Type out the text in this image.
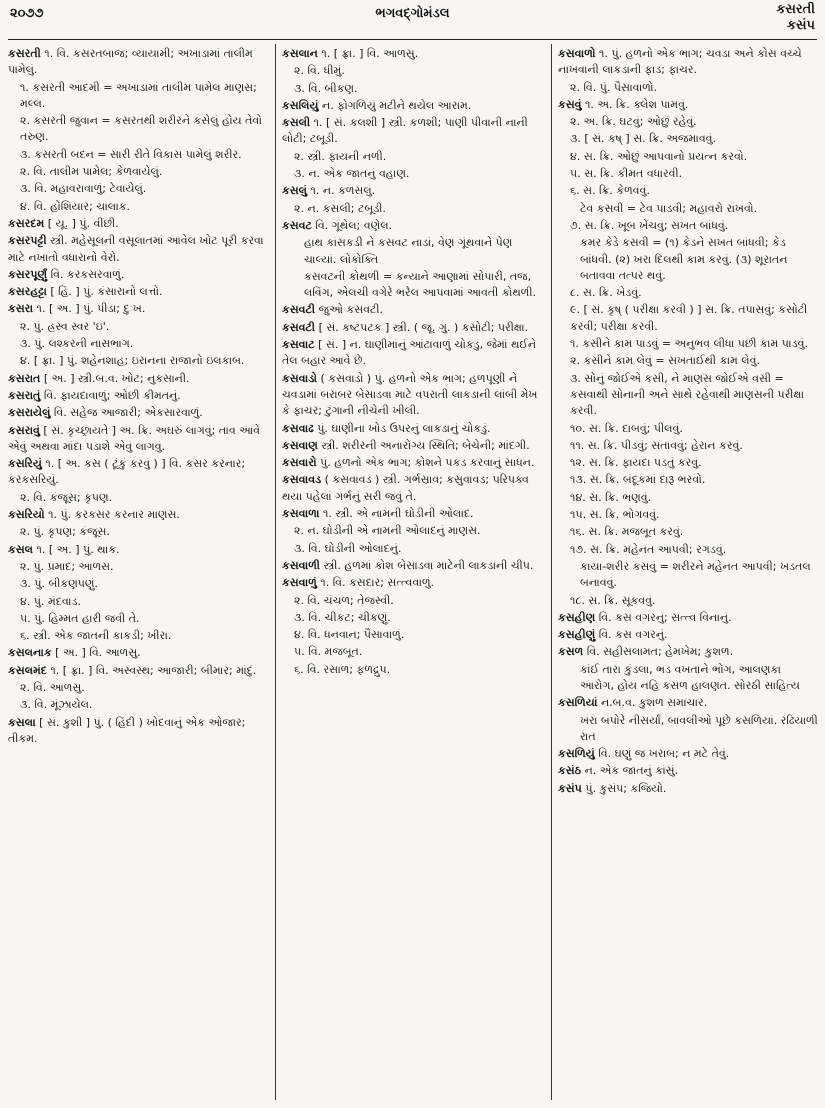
૨૦૭૭	ભગવદ્ગોમંડલ	કસરતી
કસંપ
કસરતી ૧. વિ. કસરતબાજ; વ્યાયામી; અખાડામાં તાલીમ પામેલું.
૧. કસરતી આદમી = અખાડામાં તાલીમ પામેલ માણસ; મલ્લ.
૨. કસરતી જુવાન = કસરતથી શરીરને કસેલું હોય તેવો તરુણ.
૩. કસરતી બદન = સારી રીતે વિકાસ પામેલું શરીર.
૨. વિ. તાલીમ પામેલ; કેળવાયેલું.
૩. વિ. મહાવરાવાળું; ટેવાયેલું.
૪. વિ. હોશિયાર; ચાલાક.
કસરદમ [ યૂ. ] પું. વીંછી.
કસરપટ્ટી સ્ત્રી. મહેસૂલની વસૂલાતમાં આવેલ ખોટ પૂરી કરવા માટે નખાતો વધારાનો વેરો.
કસરપૂર્ણું વિ. કરકસરવાળું.
કસરહટ્ટા [ હિં. ] પું. કંસારાનો લત્તો.
કસરા ૧. [ અ. ] પું. પીડા; દુઃખ.
૨. પું. હ્રસ્વ સ્વર 'ઇ'.
૩. પું. લશ્કરની નાસભાગ.
૪. [ ફ્રા. ] પું. શહેનશાહ; ઇરાનના રાજાનો ઇલકાબ.
કસરાત [ અ. ] સ્ત્રી.બ.વ. ખોટ; નુકસાની.
કસરાતું વિ. ફાયદાવાળું; ઓછી કીમતનું.
કસરાયેલું વિ. સહેજ આજારી; એકસારવાળું.
કસરાવું [ સં. કૃચ્છ્રાયતે ] અ. ક્રિ. અઘરું લાગવું; તાવ આવે એવું અથવા માંદા પડાશે એવું લાગવું.
કસરિયું ૧. [ અ. કસ ( ટૂંકું કરવું ) ] વિ. કસર કરનાર; કરકસરિયું.
૨. વિ. કંજૂસ; કૃપણ.
કસરિયો ૧. પું. કરકસર કરનાર માણસ.
૨. પું. કૃપણ; કંજૂસ.
કસલ ૧. [ અ. ] પું. થાક.
૨. પું. પ્રમાદ; આળસ.
૩. પું. બીકણપણું.
૪. પું. મંદવાડ.
૫. પું. હિમ્મત હારી જવી તે.
૬. સ્ત્રી. એક જાતની કાકડી; ખીરા.
કસલનાક [ અ. ] વિ. આળસુ.
કસલમંદ ૧. [ ફ્રા. ] વિ. અસ્વસ્થ; આજારી; બીમાર; માંદું.
૨. વિ. આળસુ.
૩. વિ. મૂંઝાયેલ.
કસલા [ સં. કુશી ] પું. ( હિંદી ) ખોદવાનું એક ઓજાર; તીકમ.
કસલાન ૧. [ ફ્રા. ] વિ. આળસુ.
૨. વિ. ધીમું.
૩. વિ. બીકણ.
કસલિયું ન. ફોગળિયું મટીને થયેલ આરામ.
કસલી ૧. [ સં. કલશી ] સ્ત્રી. કળશી; પાણી પીવાની નાની લોટી; ટબૂડી.
૨. સ્ત્રી. ફાયની નળી.
૩. ન. એક જાતનું વહાણ.
કસલું ૧. ન. કળસલું.
૨. ન. કસલી; ટબૂડી.
કસવટ વિ. ગૂંથેલ; વણેલ.
હાથ કાંસકડી ને કસવટ નાડાં, વેણ ગૂંથવાને પેણ ચાલ્યાં. લોકોક્તિ
કસવટની કોથળી = કન્યાને આણામાં સોપારી, તજ, લવિંગ, એલચી વગેરે ભરેલ આપવામાં આવતી કોથળી.
કસવટી જુઓ કસવટી.
કસવટી [ સં. કષ્ટપટક ] સ્ત્રી. ( જૂ. ગુ. ) કસોટી; પરીક્ષા.
કસવાટ [ સં. ] ન. ઘાણીમાંનું આંટાવાળું ચોકડું, જેમાં થઈને તેલ બહાર આવે છે.
કસવાડો ( કસવાડો ) પું. હળનો એક ભાગ; હળપૂણી ને ચવડામાં બરાબર બેસાડવા માટે વપરાતી લાકડાની લાંબી મેખ કે ફાચર; ટુંગાની નીચેની ખીલી.
કસવાઢ પું. ઘાણીના ખોડ ઉપરનું લાકડાનું ચોકડું.
કસવાણ સ્ત્રી. શરીરની અનારોગ્ય સ્થિતિ; બેચેની; માંદગી.
કસવારો પું. હળનો એક ભાગ; કોશને પકડ કરવાનું સાધન.
કસવાવડ ( કસવાવડ ) સ્ત્રી. ગર્ભસ્રાવ; કસુવાવડ; પરિપક્વ થયા પહેલાં ગર્ભનું સરી જવું તે.
કસવાળા ૧. સ્ત્રી. એ નામની ઘોડીની ઓલાદ.
૨. ન. ઘોડીની એ નામની ઓલાદનું માણસ.
૩. વિ. ઘોડીની ઓલાદનું.
કસવાળી સ્ત્રી. હળમાં કોશ બેસાડવા માટેની લાકડાની ચીપ.
કસવાળું ૧. વિ. કસદાર; સત્ત્વવાળું.
૨. વિ. ચંચળ; તેજસ્વી.
૩. વિ. ચીકટ; ચીકણું.
૪. વિ. ધનવાન; પૈસાવાળું.
૫. વિ. મજબૂત.
૬. વિ. રસાળ; ફળદ્રુપ.
કસવાળો ૧. પું. હળનો એક ભાગ; ચવડા અને કોસ વચ્ચે નાખવાની લાકડાની ફાડ; ફાચર.
૨. વિ. પું. પૈસાવાળો.
કસવું ૧. અ. ક્રિ. ક્લેશ પામવું.
૨. અ. ક્રિ. ઘટવું; ઓછું રહેવું.
૩. [ સં. કષ્ ] સ. ક્રિ. અજમાવવું.
૪. સ. ક્રિ. ઓછું આપવાનો પ્રયત્ન કરવો.
૫. સ. ક્રિ. કીમત વધારવી.
૬. સ. ક્રિ. કેળવવું.
ટેવ કસવી = ટેવ પાડવી; મહાવરો રાખવો.
૭. સ. ક્રિ. ખૂબ ખેંચવું; સખત બાંધવું.
કમર કેડે કસવી = (૧) કેડને સખત બાંધવી; કેડ બાંધવી. (૨) ખરા દિલથી કામ કરવું. (૩) શૂરાતન બતાવવા તત્પર થવું.
૮. સ. ક્રિ. ખેડવું.
૯. [ સં. કૃષ્ ( પરીક્ષા કરવી ) ] સ. ક્રિ. તપાસવું; કસોટી કરવી; પરીક્ષા કરવી.
૧. કસીને કામ પાડવું = અનુભવ લીધા પછી કામ પાડવું.
૨. કસીને કામ લેવું = સખતાઈથી કામ લેવું.
૩. સોનું જોઈએ કસી, ને માણસ જોઈએ વસી = કસવાથી સોનાની અને સાથે રહેવાથી માણસની પરીક્ષા કરવી.
૧૦. સ. ક્રિ. દાબવું; પીલવું.
૧૧. સ. ક્રિ. પીડવું; સતાવવું; હેરાન કરવું.
૧૨. સ. ક્રિ. ફાયદા પડતું કરવું.
૧૩. સ. ક્રિ. બંદૂકમાં દારૂ ભરવો.
૧૪. સ. ક્રિ. ભણવું.
૧૫. સ. ક્રિ. ભોગવવું.
૧૬. સ. ક્રિ. મજબૂત કરવું.
૧૭. સ. ક્રિ. મહેનત આપવી; રગડવું.
કાયા-શરીર કસવું = શરીરને મહેનત આપવી; ખડતલ બનાવવું.
૧૮. સ. ક્રિ. સૂકવવું.
કસહીણ વિ. કસ વગરનું; સત્ત્વ વિનાનું.
કસહીણું વિ. કસ વગરનું.
કસળ વિ. સહીસલામત; હેમખેમ; કુશળ.
કાંઈ તારા કુંડલા, ભડ વખતાને ભોગ, આલણકા આરોગ, હોય નહિ કસળ હાલણત. સોરઠી સાહિત્ય
કસળિયાં ન.બ.વ. કુશળ સમાચાર.
ખરા બપોરે નીસર્યાં, બાવલીઓ પૂછે કસળિયાં. રઢિયાળી રાત
કસળિયું વિ. ઘણું જ ખરાબ; ન મટે તેવું.
કસંઠ ન. એક જાતનું કાંસું.
કસંપ પું. કુસંપ; કજિયો.
